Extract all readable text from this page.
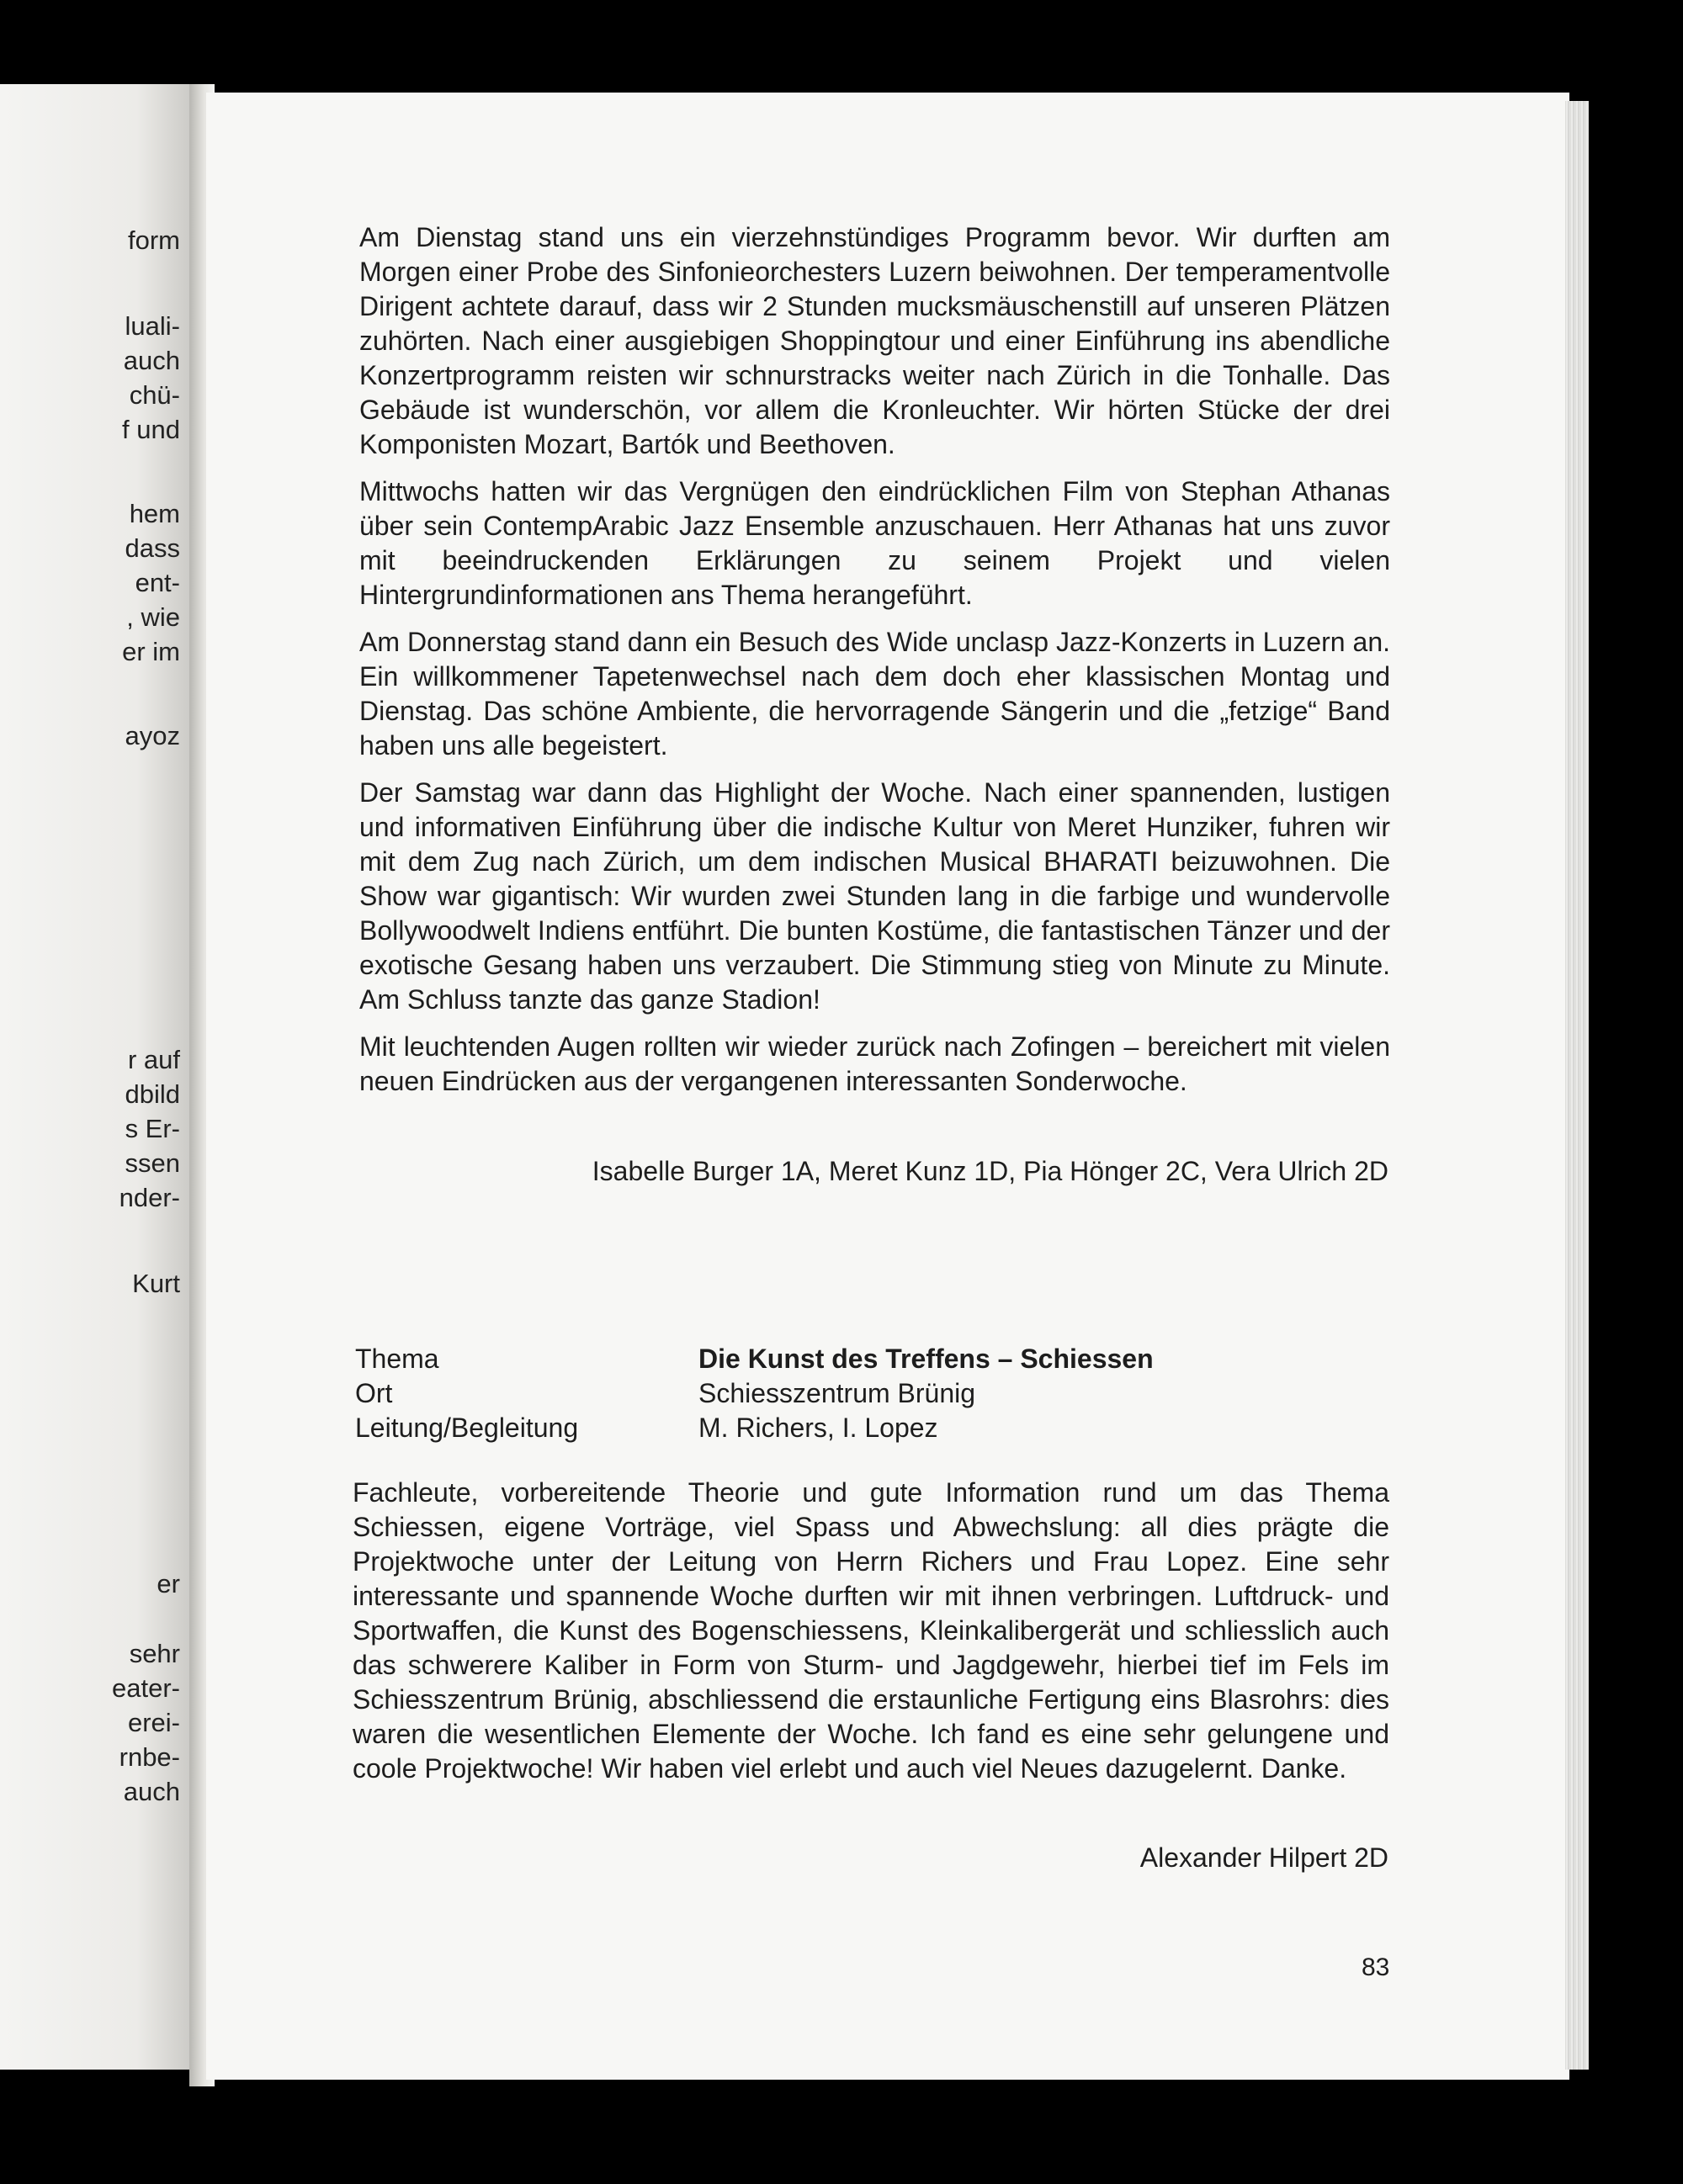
form
luali-
auch
chü-
f und
hem
dass
ent-
, wie
er im
ayoz
r auf
dbild
s Er-
ssen
nder-
Kurt
er
sehr
eater-
erei-
rnbe-
auch

Am Dienstag stand uns ein vierzehnstündiges Programm bevor. Wir durften am Morgen einer Probe des Sinfonieorchesters Luzern beiwohnen. Der temperamentvolle Dirigent achtete darauf, dass wir 2 Stunden mucksmäuschenstill auf unseren Plätzen zuhörten. Nach einer ausgiebigen Shoppingtour und einer Einführung ins abendliche Konzertprogramm reisten wir schnurstracks weiter nach Zürich in die Tonhalle. Das Gebäude ist wunderschön, vor allem die Kronleuchter. Wir hörten Stücke der drei Komponisten Mozart, Bartók und Beethoven.

Mittwochs hatten wir das Vergnügen den eindrücklichen Film von Stephan Athanas über sein ContempArabic Jazz Ensemble anzuschauen. Herr Athanas hat uns zuvor mit beeindruckenden Erklärungen zu seinem Projekt und vielen Hintergrundinformationen ans Thema herangeführt.

Am Donnerstag stand dann ein Besuch des Wide unclasp Jazz-Konzerts in Luzern an. Ein willkommener Tapetenwechsel nach dem doch eher klassischen Montag und Dienstag. Das schöne Ambiente, die hervorragende Sängerin und die „fetzige“ Band haben uns alle begeistert.

Der Samstag war dann das Highlight der Woche. Nach einer spannenden, lustigen und informativen Einführung über die indische Kultur von Meret Hunziker, fuhren wir mit dem Zug nach Zürich, um dem indischen Musical BHARATI beizuwohnen. Die Show war gigantisch: Wir wurden zwei Stunden lang in die farbige und wundervolle Bollywoodwelt Indiens entführt. Die bunten Kostüme, die fantastischen Tänzer und der exotische Gesang haben uns verzaubert. Die Stimmung stieg von Minute zu Minute. Am Schluss tanzte das ganze Stadion!

Mit leuchtenden Augen rollten wir wieder zurück nach Zofingen – bereichert mit vielen neuen Eindrücken aus der vergangenen interessanten Sonderwoche.

Isabelle Burger 1A, Meret Kunz 1D, Pia Hönger 2C, Vera Ulrich 2D
Thema	Die Kunst des Treffens – Schiessen
Ort	Schiesszentrum Brünig
Leitung/Begleitung	M. Richers, I. Lopez

Fachleute, vorbereitende Theorie und gute Information rund um das Thema Schiessen, eigene Vorträge, viel Spass und Abwechslung: all dies prägte die Projektwoche unter der Leitung von Herrn Richers und Frau Lopez. Eine sehr interessante und spannende Woche durften wir mit ihnen verbringen. Luftdruck- und Sportwaffen, die Kunst des Bogenschiessens, Kleinkalibergerät und schliesslich auch das schwerere Kaliber in Form von Sturm- und Jagdgewehr, hierbei tief im Fels im Schiesszentrum Brünig, abschliessend die erstaunliche Fertigung eins Blasrohrs: dies waren die wesentlichen Elemente der Woche. Ich fand es eine sehr gelungene und coole Projektwoche! Wir haben viel erlebt und auch viel Neues dazugelernt. Danke.

Alexander Hilpert 2D
83
